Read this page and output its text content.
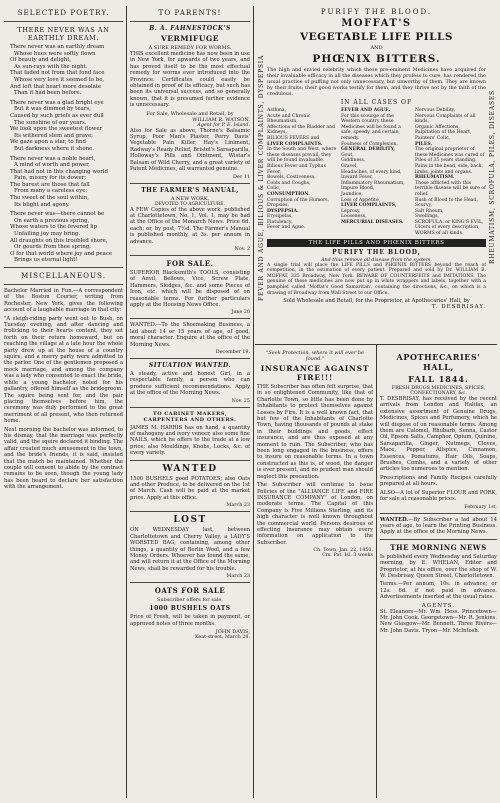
SELECTED POETRY.
THERE NEVER WAS AN EARTHLY DREAM.

There never was an earthly dream

Whose hues were softly flown

Of beauty and delight,

As sun-rays with the night.

That faded not from that fond face

Whose very love it seemed to be,

And left that heart more desolate

Than it had been before.

There never was a glad bright eye

But it was dimmed by tears,

Caused by such griefs as ever dull

The sunshine of our years.

We look upon the sweetest flower

Its withered stem and grave;

We gaze upon a star, to find

But darkness where it shone.

There never was a noble heart,

A mind of worth and power,

That had not in this changing world

Pain, misery for its dower;

The barest are those that fall

From many a careless eye;

The sweet of the soul within,

Its blight and agony.

There never was—there cannot be

On earth a previous spring,

Whose waters to the fevered lip

Unfailing joy may bring.

All draughts on this troubled shore,

Or gourds from thee spring;

O for that world where joy and peace

Brings us eternal light!

MISCELLANEOUS.

Bachelor Married in Fun.—A correspondent of the Boston Courier, writing from Rochester, New York, gives the following account of a laughable marriage in that city:

"A sleigh-riding party went out to Bush, on Tuesday evening, and after dancing and frolicking to their hearts content, they set forth on their return homeward, but on reaching the village at a late hour the whole party drew up at the house of a country squire, and a merry party were admitted to the parlor. One of the gentlemen proposed a mock marriage, and among the company was a lady who consented to enact the bride, while a young bachelor, noted for his gallantry, offered himself as the bridegroom. The squire being sent for, and the pair placing themselves before him, the ceremony was duly performed to the great merriment of all present, who then returned home.

Next morning the bachelor was informed, to his dismay, that the marriage was perfectly valid, and the squire declared it binding. The affair created much amusement in the town, and the bride's friends, it is said, insisted that the match be maintained. Whether the couple will consent to abide by the contract remains to be seen, though the young lady has been heard to declare her satisfaction with the arrangement.

TO PARENTS!
B. A. FAHNESTOCK'S
VERMIFUGE
A SURE REMEDY FOR WORMS.

THIS excellent medicine has now been in use in New York, for upwards of two years, and has proved itself to be the most effectual remedy for worms ever introduced into the Province. Certificates could easily be obtained in proof of its efficacy, but such has been its universal success, and so generally known, that it is presumed further evidence is unnecessary.

For Sale, Wholesale and Retail, by
WILLIAM R. WATSON,
Agent for P. E. Island.

Also for Sale as above, Thorne's Balsamic Syrup, Poor Man's Plaster, Perry Davis' Vegetable Pain Killer, Hay's Liniment, Radway's Ready Relief, Bristol's Sarsaparilla, Holloway's Pills and Ointment, Wistar's Balsam of Wild Cherry, and a great variety of Patent Medicines, all warranted genuine.

Dec 11
THE FARMER'S MANUAL,
A NEW WORK,
DEVOTED TO AGRICULTURE.

A FEW Copies of the above work, published at Charlottetown, No. 1, Vol. 1, may be had at the Office of the Monarch News. Price 6d. each; or, by post, 7½d. The Farmer's Manual is published monthly, at 3s. per annum in advance.

Nov. 2
FOR SALE.

SUPERIOR Blacksmith's TOOLS, consisting of Anvil, Bellows, Vice, Screw Plate, Hammers, Sledges, &c. and some Pieces of Iron, etc. which will be disposed of on reasonable terms. For further particulars apply at the Housing News Office.

June 20

WANTED.—To the Shoemaking Business, a lad about 14 or 15 years of age, of good, moral character. Enquire at the office of the Morning News.

December 19.
SITUATION WANTED.

A steady, active and honest Girl, in a respectable family, a person who can produce sufficient recommendations. Apply at the office of the Morning News.

Nov. 25
TO CABINET MAKERS, CARPENTERS AND OTHERS.

JAMES M. HARRIS has on hand, a quantity of mahogany and ivory veneer, also some fine NAILS, which he offers to the trade at a low price; also Mouldings, Knobs, Locks, &c. of every variety.

WANTED

1500 BUSHELS good POTATOES; also Oats and other Produce, to be delivered on the 1st of March. Cash will be paid at the market price. Apply at this office.

March 23
LOST

ON WEDNESDAY last, between Charlottetown and Cherry Valley, a LADY'S WORSTED BAG, containing, among other things, a quantity of Berlin Wool, and a few Money Orders. Whoever has found the same, and will return it at the Office of the Morning News, shall be rewarded for his trouble.

March 23
OATS FOR SALE
Subscriber offers for sale,
1000 BUSHELS OATS

Price of Fresh, will be taken in payment, or approved notes of three months.

JOHN DAVIS,
Keat-street, March 28.
FEVER AND AGUE, BILIOUS & LIVER COMPLAINTS, DYSPEPSIA	RHEUMATISM, SCROFULA, PILES, DISEASES
PURIFY THE BLOOD.
MOFFAT'S
VEGETABLE LIFE PILLS
AND
PHŒNIX BITTERS.

The high and envied celebrity which these pre-eminent Medicines have acquired for their invaluable efficacy in all the diseases which they profess to cure, has rendered the usual practice of puffing not only unnecessary, but unworthy of them. They are known by their fruits; their good works testify for them, and they thrive not by the faith of the credulous.

IN ALL CASES OF
Asthma,
Acute and Chronic Rheumatism,
Affections of the Bladder and Kidneys,
BILIOUS FEVERS and
LIVER COMPLAINTS.
In the South and West, where these diseases prevail, they will be found invaluable.
Bilious Fever and Typhus Fever,
Bowels, Costiveness,
Colds and Coughs,
Colic,
CONSUMPTION.
Corruption of the Humors,
Dropsies,
DYSPEPSIA.
Erysipelas,
Flatulency,
Fever and Ague.
FEVER AND AGUE.
For this scourge of the Western country these Medicines will be found a safe, speedy, and certain remedy.
Foulness of Complexion,
GENERAL DEBILITY,
Gout,
Giddiness,
Gravel,
Headaches, of every kind,
Inward Fever,
Inflammatory Rheumatism,
Impure Blood,
Jaundice,
Loss of Appetite,
LIVER COMPLAINTS,
Leprosy,
Looseness,
MERCURIAL DISEASES.
Nervous Debility,
Nervous Complaints of all kinds,
Organic Affections,
Palpitation of the Heart,
Painters' Colic,
PILES.
The original proprietor of these Medicines was cured of Piles of 35 years standing.
Pains in the head, side, back, limbs, joints and organs.
RHEUMATISM.
Those afflicted with this terrible disease will be sure of relief.
Rush of Blood to the Head,
Scurvy,
Salt Rheum,
Swellings,
SCROFULA, or KING'S EVIL,
Ulcers of every description,
WORMS of all kinds.
THE LIFE PILLS AND PHŒNIX BITTERS
PURIFY THE BLOOD,
And thus remove all disease from the system.

A single trial will place the LIFE PILLS and PHŒNIX BITTERS beyond the reach of competition, in the estimation of every patient. Prepared and sold by Dr. WILLIAM B. MOFFAT, 335 Broadway, New York. BEWARE OF COUNTERFEITS and IMITATIONS. The genuine of these medicines are now put up in white wrappers and labels, together with a pamphlet called 'Moffat's Good Samaritan', containing the directions, &c., on which is a drawing of Broadway from Wall Street to our Office.

Sold Wholesale and Retail, for the Proprietor, at Apothecaries' Hall, by
T. DESBRISAY.
"Seek Protection, where it will ever be found."
INSURANCE AGAINST FIRE!!!

THE Subscriber has often felt surprise, that in so enlightened Community, like that of Charlotte Town, so little has been done by Inhabitants to protect themselves against Losses by Fire. It is a well known fact, that but few of the Inhabitants of Charlotte Town, having thousands of pounds at stake in their buildings and goods, effect insurance, and are thus exposed at any moment to ruin. The Subscriber, who has been long engaged in the business, offers to insure on reasonable terms. In a town constructed as this is, of wood, the danger is ever present, and no prudent man should neglect this precaution.

The Subscriber will continue to issue Policies of the "ALLIANCE LIFE and FIRE INSURANCE COMPANY" of London, on moderate terms. The Capital of this Company is Five Millions Sterling, and its high character is well known throughout the commercial world. Persons desirous of effecting Insurance may obtain every information on application to the Subscriber.

Ch. Town, Jan. 22, 1850.
Cm. Pat. Isl. 3 weeks
APOTHECARIES' HALL,
FALL 1844.
FRESH DRUGS MEDICINES, SPICES, CONFECTIONARY, &c.

T. DESBRISAY, has received by the recent arrivals from London and Halifax, an extensive assortment of Genuine Drugs, Medicines, Spices and Perfumery, which he will dispose of on reasonable terms. Among them are Calomel, Rhubarb, Senna, Castor Oil, Epsom Salts, Camphor, Opium, Quinine, Sarsaparilla, Ginger, Nutmegs, Cloves, Mace, Pepper, Allspice, Cinnamon, Essences, Pomatums, Hair Oils, Soaps, Brushes, Combs, and a variety of other articles too numerous to mention.

Prescriptions and Family Recipes carefully prepared at all hours.

ALSO—A lot of Superior FLOUR and PORK, for sale at reasonable prices.

February 1st.

WANTED.—By Subscriber a lad about 14 years of age, to learn the Printing Business. Apply at the office of the Morning News.

THE MORNING NEWS

Is published every Wednesday and Saturday morning, by E. WHELAN, Editor and Proprietor, at his office, over the shop of W. W. Desbrisay, Queen Street, Charlottetown.

Terms.—Per annum, 10s. in advance; or 12s. 6d. if not paid in advance. Advertisements inserted at the usual rates.

AGENTS.

St. Eleanors—Mr. Wm. Hess. Princetown—Mr. John Cook. Georgetown—Mr. R. Jenkins. New Glasgow—Mr. Bennett. Three Rivers—Mr. John Davis. Tryon—Mr. McIntosh.
